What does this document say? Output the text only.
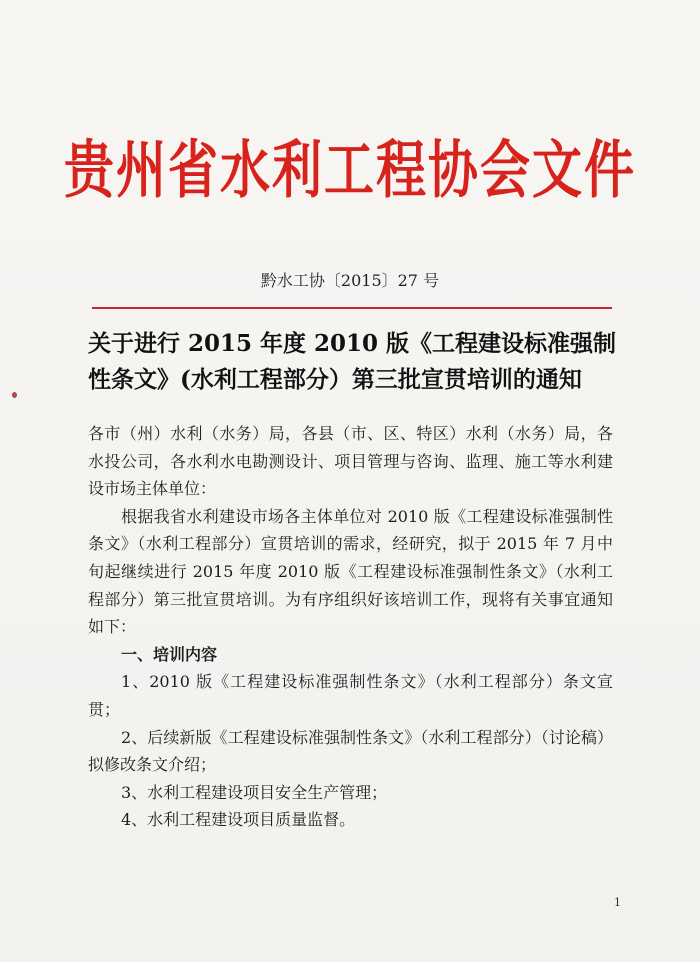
贵州省水利工程协会文件
黔水工协〔2015〕27 号
关于进行 2015 年度 2010 版《工程建设标准强制
性条文》(水利工程部分）第三批宣贯培训的通知

各市（州）水利（水务）局，各县（市、区、特区）水利（水务）局，各水投公司，各水利水电勘测设计、项目管理与咨询、监理、施工等水利建设市场主体单位：

根据我省水利建设市场各主体单位对 2010 版《工程建设标准强制性条文》（水利工程部分）宣贯培训的需求，经研究，拟于 2015 年 7 月中旬起继续进行 2015 年度 2010 版《工程建设标准强制性条文》（水利工程部分）第三批宣贯培训。为有序组织好该培训工作，现将有关事宜通知如下：

一、培训内容

1、2010 版《工程建设标准强制性条文》（水利工程部分）条文宣贯；

2、后续新版《工程建设标准强制性条文》（水利工程部分）（讨论稿）拟修改条文介绍；

3、水利工程建设项目安全生产管理；

4、水利工程建设项目质量监督。

1
